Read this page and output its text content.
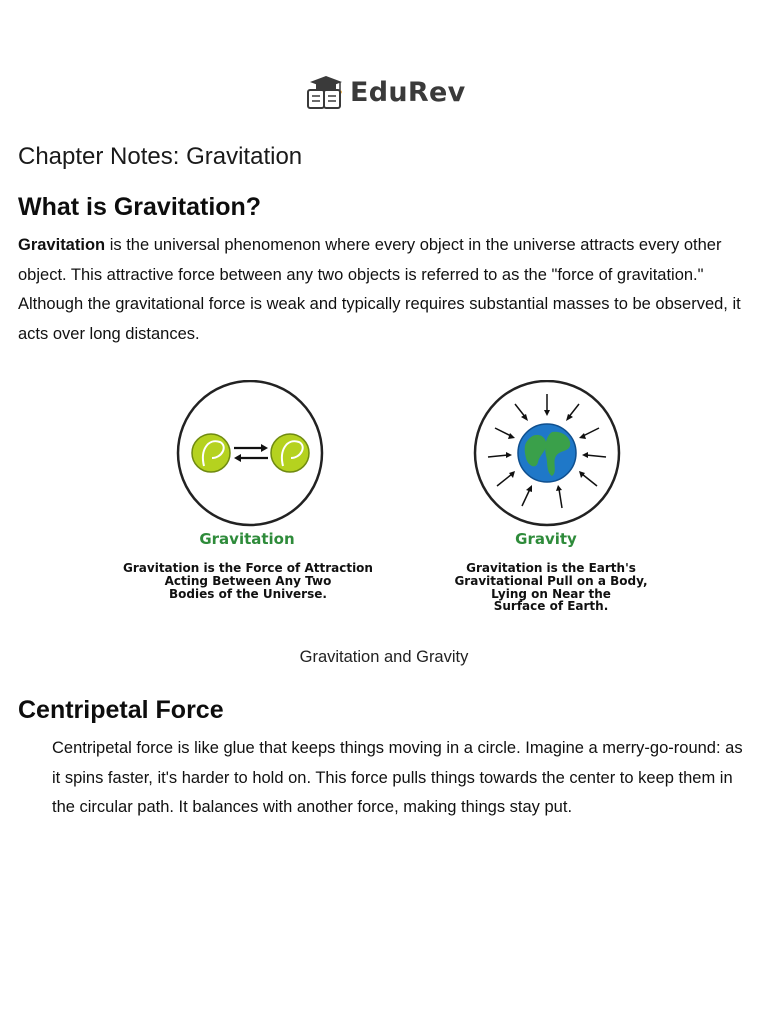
EduRev
Chapter Notes: Gravitation
What is Gravitation?

Gravitation is the universal phenomenon where every object in the universe attracts every other object. This attractive force between any two objects is referred to as the "force of gravitation." Although the gravitational force is weak and typically requires substantial masses to be observed, it acts over long distances.

Gravitation
Gravitation is the Force of Attraction
Acting Between Any Two
Bodies of the Universe.
Gravity
Gravitation is the Earth's
Gravitational Pull on a Body,
Lying on Near the
Surface of Earth.

Gravitation and Gravity

Centripetal Force

Centripetal force is like glue that keeps things moving in a circle. Imagine a merry-go-round: as it spins faster, it's harder to hold on. This force pulls things towards the center to keep them in the circular path. It balances with another force, making things stay put.
